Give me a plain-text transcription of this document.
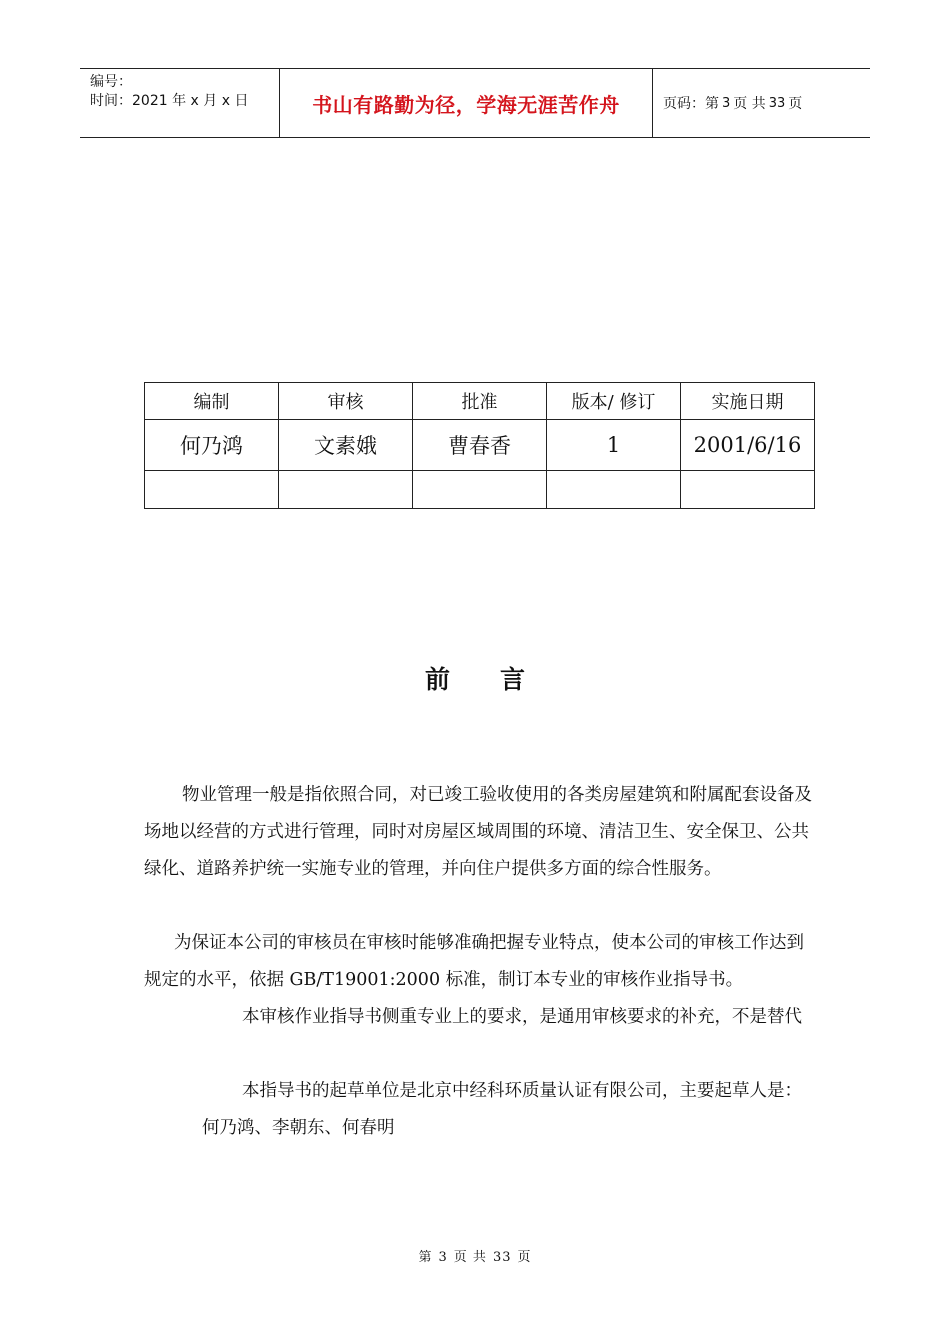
编号：
时间：2021 年 x 月 x 日	书山有路勤为径，学海无涯苦作舟	页码：第 3 页 共 33 页
编制	审核	批准	版本/ 修订	实施日期
何乃鸿	文素娥	曹春香	1	2001/6/16

前言

物业管理一般是指依照合同，对已竣工验收使用的各类房屋建筑和附属配套设备及场地以经营的方式进行管理，同时对房屋区域周围的环境、清洁卫生、安全保卫、公共绿化、道路养护统一实施专业的管理，并向住户提供多方面的综合性服务。

为保证本公司的审核员在审核时能够准确把握专业特点，使本公司的审核工作达到规定的水平，依据 GB/T19001:2000 标准，制订本专业的审核作业指导书。

本审核作业指导书侧重专业上的要求，是通用审核要求的补充，不是替代

本指导书的起草单位是北京中经科环质量认证有限公司，主要起草人是：何乃鸿、李朝东、何春明

第 3 页 共 33 页
